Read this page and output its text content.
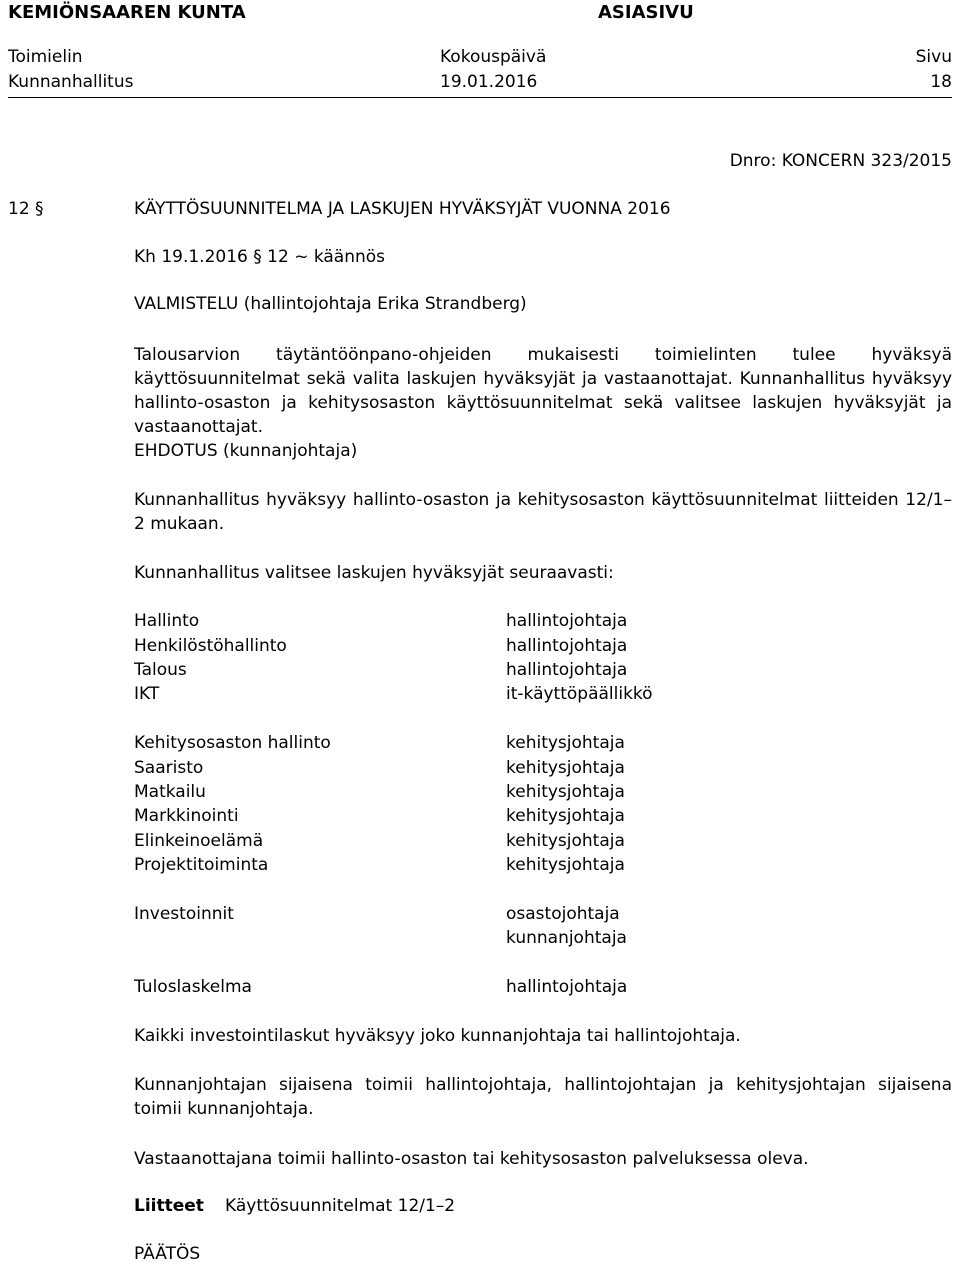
KEMIÖNSAAREN KUNTA	ASIASIVU
Toimielin	Kokouspäivä	Sivu
Kunnanhallitus	19.01.2016	18
Dnro: KONCERN 323/2015
12 §	KÄYTTÖSUUNNITELMA JA LASKUJEN HYVÄKSYJÄT VUONNA 2016
Kh 19.1.2016 § 12 ~ käännös
VALMISTELU (hallintojohtaja Erika Strandberg)
Talousarvion täytäntöönpano-ohjeiden mukaisesti toimielinten tulee hyväksyä käyttösuunnitelmat sekä valita laskujen hyväksyjät ja vastaanottajat. Kunnanhallitus hyväksyy hallinto-osaston ja kehitysosaston käyttösuunnitelmat sekä valitsee laskujen hyväksyjät ja vastaanottajat.
EHDOTUS (kunnanjohtaja)
Kunnanhallitus hyväksyy hallinto-osaston ja kehitysosaston käyttösuunnitelmat liitteiden 12/1–2 mukaan.
Kunnanhallitus valitsee laskujen hyväksyjät seuraavasti:
Hallinto	hallintojohtaja
Henkilöstöhallinto	hallintojohtaja
Talous	hallintojohtaja
IKT	it-käyttöpäällikkö
Kehitysosaston hallinto	kehitysjohtaja
Saaristo	kehitysjohtaja
Matkailu	kehitysjohtaja
Markkinointi	kehitysjohtaja
Elinkeinoelämä	kehitysjohtaja
Projektitoiminta	kehitysjohtaja
Investoinnit	osastojohtaja
kunnanjohtaja
Tuloslaskelma	hallintojohtaja
Kaikki investointilaskut hyväksyy joko kunnanjohtaja tai hallintojohtaja.
Kunnanjohtajan sijaisena toimii hallintojohtaja, hallintojohtajan ja kehitysjohtajan sijaisena toimii kunnanjohtaja.
Vastaanottajana toimii hallinto-osaston tai kehitysosaston palveluksessa oleva.
Liitteet Käyttösuunnitelmat 12/1–2
PÄÄTÖS
